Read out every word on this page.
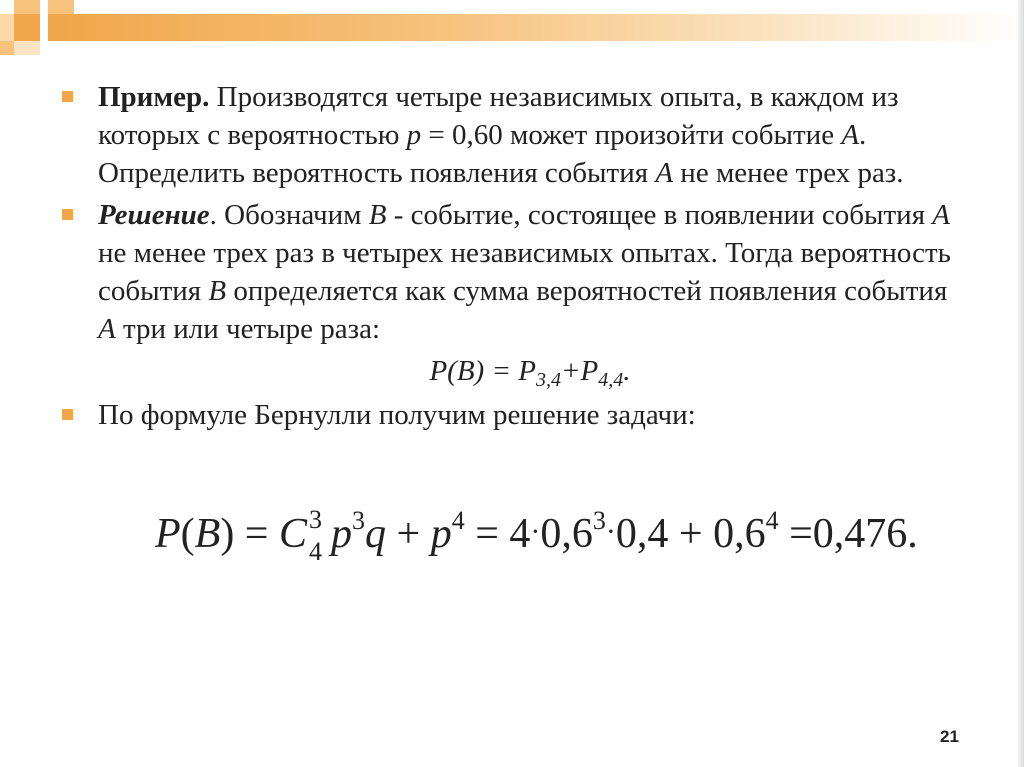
Пример. Производятся четыре независимых опыта, в каждом из которых с вероятностью p = 0,60 может произойти событие A. Определить вероятность появления события A не менее трех раз.
Решение. Обозначим B - событие, состоящее в появлении события A не менее трех раз в четырех независимых опытах. Тогда вероятность события B определяется как сумма вероятностей появления события A три или четыре раза:
$P(B) = P_{3,4}+P_{4,4}$.
По формуле Бернулли получим решение задачи:
P(B) = C 3
4 $p^3q + p^4 = 4\cdot 0,6^3\cdot 0,4 + 0,6^4 =0,476$.
21
